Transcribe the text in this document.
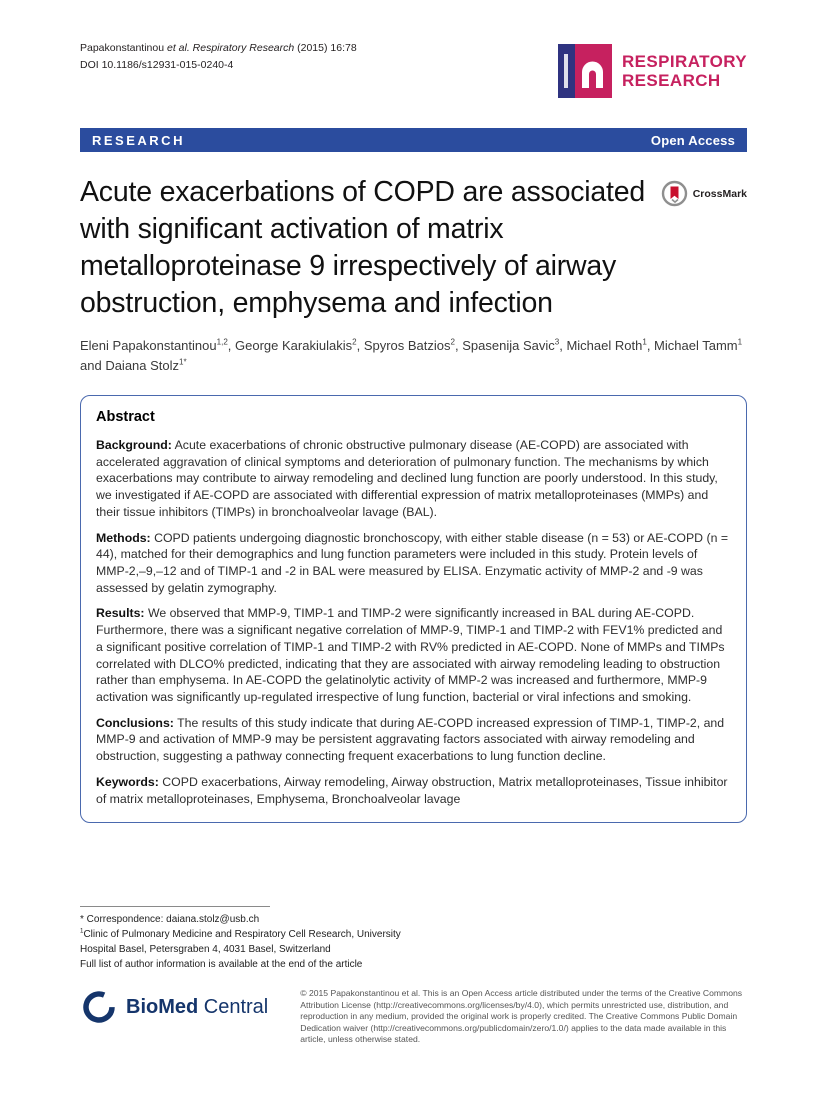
Papakonstantinou et al. Respiratory Research (2015) 16:78
DOI 10.1186/s12931-015-0240-4	RESPIRATORY
RESEARCH
RESEARCH	Open Access
CrossMark
Acute exacerbations of COPD are associated with significant activation of matrix metalloproteinase 9 irrespectively of airway obstruction, emphysema and infection

Eleni Papakonstantinou$^{1,2}$, George Karakiulakis$^2$, Spyros Batzios$^2$, Spasenija Savic$^3$, Michael Roth$^1$, Michael Tamm$^1$ and Daiana Stolz$^{1*}$

Abstract

Background: Acute exacerbations of chronic obstructive pulmonary disease (AE-COPD) are associated with accelerated aggravation of clinical symptoms and deterioration of pulmonary function. The mechanisms by which exacerbations may contribute to airway remodeling and declined lung function are poorly understood. In this study, we investigated if AE-COPD are associated with differential expression of matrix metalloproteinases (MMPs) and their tissue inhibitors (TIMPs) in bronchoalveolar lavage (BAL).

Methods: COPD patients undergoing diagnostic bronchoscopy, with either stable disease (n = 53) or AE-COPD (n = 44), matched for their demographics and lung function parameters were included in this study. Protein levels of MMP-2,–9,–12 and of TIMP-1 and -2 in BAL were measured by ELISA. Enzymatic activity of MMP-2 and -9 was assessed by gelatin zymography.

Results: We observed that MMP-9, TIMP-1 and TIMP-2 were significantly increased in BAL during AE-COPD. Furthermore, there was a significant negative correlation of MMP-9, TIMP-1 and TIMP-2 with FEV1% predicted and a significant positive correlation of TIMP-1 and TIMP-2 with RV% predicted in AE-COPD. None of MMPs and TIMPs correlated with DLCO% predicted, indicating that they are associated with airway remodeling leading to obstruction rather than emphysema. In AE-COPD the gelatinolytic activity of MMP-2 was increased and furthermore, MMP-9 activation was significantly up-regulated irrespective of lung function, bacterial or viral infections and smoking.

Conclusions: The results of this study indicate that during AE-COPD increased expression of TIMP-1, TIMP-2, and MMP-9 and activation of MMP-9 may be persistent aggravating factors associated with airway remodeling and obstruction, suggesting a pathway connecting frequent exacerbations to lung function decline.

Keywords: COPD exacerbations, Airway remodeling, Airway obstruction, Matrix metalloproteinases, Tissue inhibitor of matrix metalloproteinases, Emphysema, Bronchoalveolar lavage

* Correspondence: daiana.stolz@usb.ch
$^1$Clinic of Pulmonary Medicine and Respiratory Cell Research, University Hospital Basel, Petersgraben 4, 4031 Basel, Switzerland
Full list of author information is available at the end of the article
BioMed Central
© 2015 Papakonstantinou et al. This is an Open Access article distributed under the terms of the Creative Commons Attribution License (http://creativecommons.org/licenses/by/4.0), which permits unrestricted use, distribution, and reproduction in any medium, provided the original work is properly credited. The Creative Commons Public Domain Dedication waiver (http://creativecommons.org/publicdomain/zero/1.0/) applies to the data made available in this article, unless otherwise stated.
